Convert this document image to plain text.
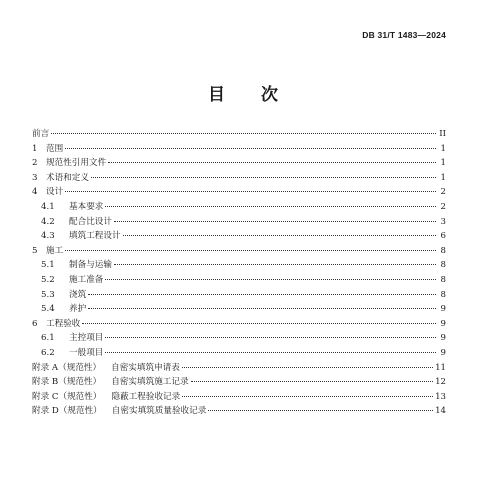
DB 31/T 1483—2024
目 次
前言	II
1 范围	1
2 规范性引用文件	1
3 术语和定义	1
4 设计	2
4.1	基本要求	2
4.2	配合比设计	3
4.3	填筑工程设计	6
5 施工	8
5.1	制备与运输	8
5.2	施工准备	8
5.3	浇筑	8
5.4	养护	9
6 工程验收	9
6.1	主控项目	9
6.2	一般项目	9
附录 A（规范性） 自密实填筑申请表	11
附录 B（规范性） 自密实填筑施工记录	12
附录 C（规范性） 隐蔽工程验收记录	13
附录 D（规范性） 自密实填筑质量验收记录	14
